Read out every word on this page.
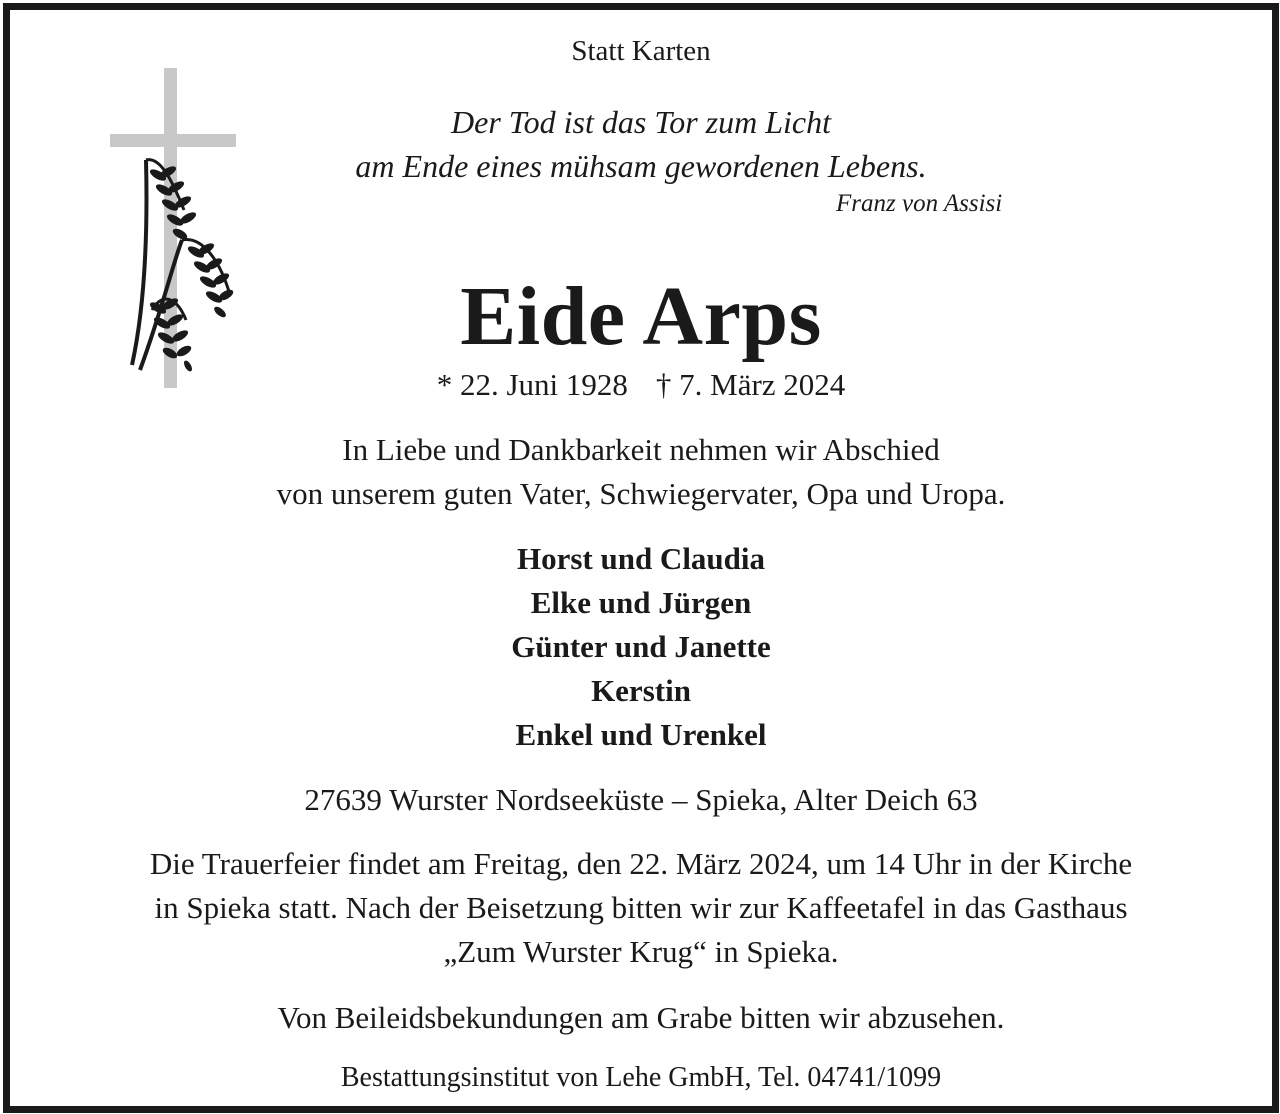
Statt Karten
Der Tod ist das Tor zum Licht
am Ende eines mühsam gewordenen Lebens.
Franz von Assisi
Eide Arps
* 22. Juni 1928 † 7. März 2024
In Liebe und Dankbarkeit nehmen wir Abschied
von unserem guten Vater, Schwiegervater, Opa und Uropa.
Horst und Claudia
Elke und Jürgen
Günter und Janette
Kerstin
Enkel und Urenkel
27639 Wurster Nordseeküste – Spieka, Alter Deich 63
Die Trauerfeier findet am Freitag, den 22. März 2024, um 14 Uhr in der Kirche
in Spieka statt. Nach der Beisetzung bitten wir zur Kaffeetafel in das Gasthaus
„Zum Wurster Krug“ in Spieka.
Von Beileidsbekundungen am Grabe bitten wir abzusehen.
Bestattungsinstitut von Lehe GmbH, Tel. 04741/1099
